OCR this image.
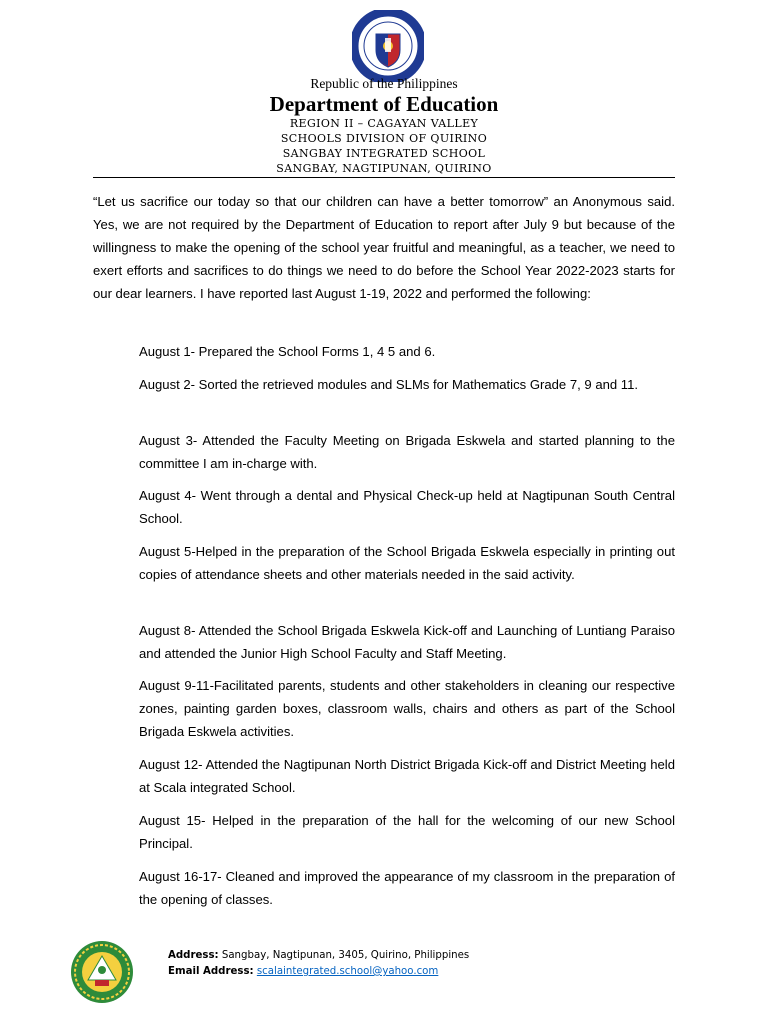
Republic of the Philippines
Department of Education
REGION II – CAGAYAN VALLEY
SCHOOLS DIVISION OF QUIRINO
SANGBAY INTEGRATED SCHOOL
SANGBAY, NAGTIPUNAN, QUIRINO
“Let us sacrifice our today so that our children can have a better tomorrow” an Anonymous said. Yes, we are not required by the Department of Education to report after July 9 but because of the willingness to make the opening of the school year fruitful and meaningful, as a teacher, we need to exert efforts and sacrifices to do things we need to do before the School Year 2022-2023 starts for our dear learners. I have reported last August 1-19, 2022 and performed the following:
August 1- Prepared the School Forms 1, 4 5 and 6.
August 2- Sorted the retrieved modules and SLMs for Mathematics Grade 7, 9 and 11.
August 3- Attended the Faculty Meeting on Brigada Eskwela and started planning to the committee I am in-charge with.
August 4- Went through a dental and Physical Check-up held at Nagtipunan South Central School.
August 5-Helped in the preparation of the School Brigada Eskwela especially in printing out copies of attendance sheets and other materials needed in the said activity.
August 8- Attended the School Brigada Eskwela Kick-off and Launching of Luntiang Paraiso and attended the Junior High School Faculty and Staff Meeting.
August 9-11-Facilitated parents, students and other stakeholders in cleaning our respective zones, painting garden boxes, classroom walls, chairs and others as part of the School Brigada Eskwela activities.
August 12- Attended the Nagtipunan North District Brigada Kick-off and District Meeting held at Scala integrated School.
August 15- Helped in the preparation of the hall for the welcoming of our new School Principal.
August 16-17- Cleaned and improved the appearance of my classroom in the preparation of the opening of classes.
Address: Sangbay, Nagtipunan, 3405, Quirino, Philippines
Email Address: scalaintegrated.school@yahoo.com
